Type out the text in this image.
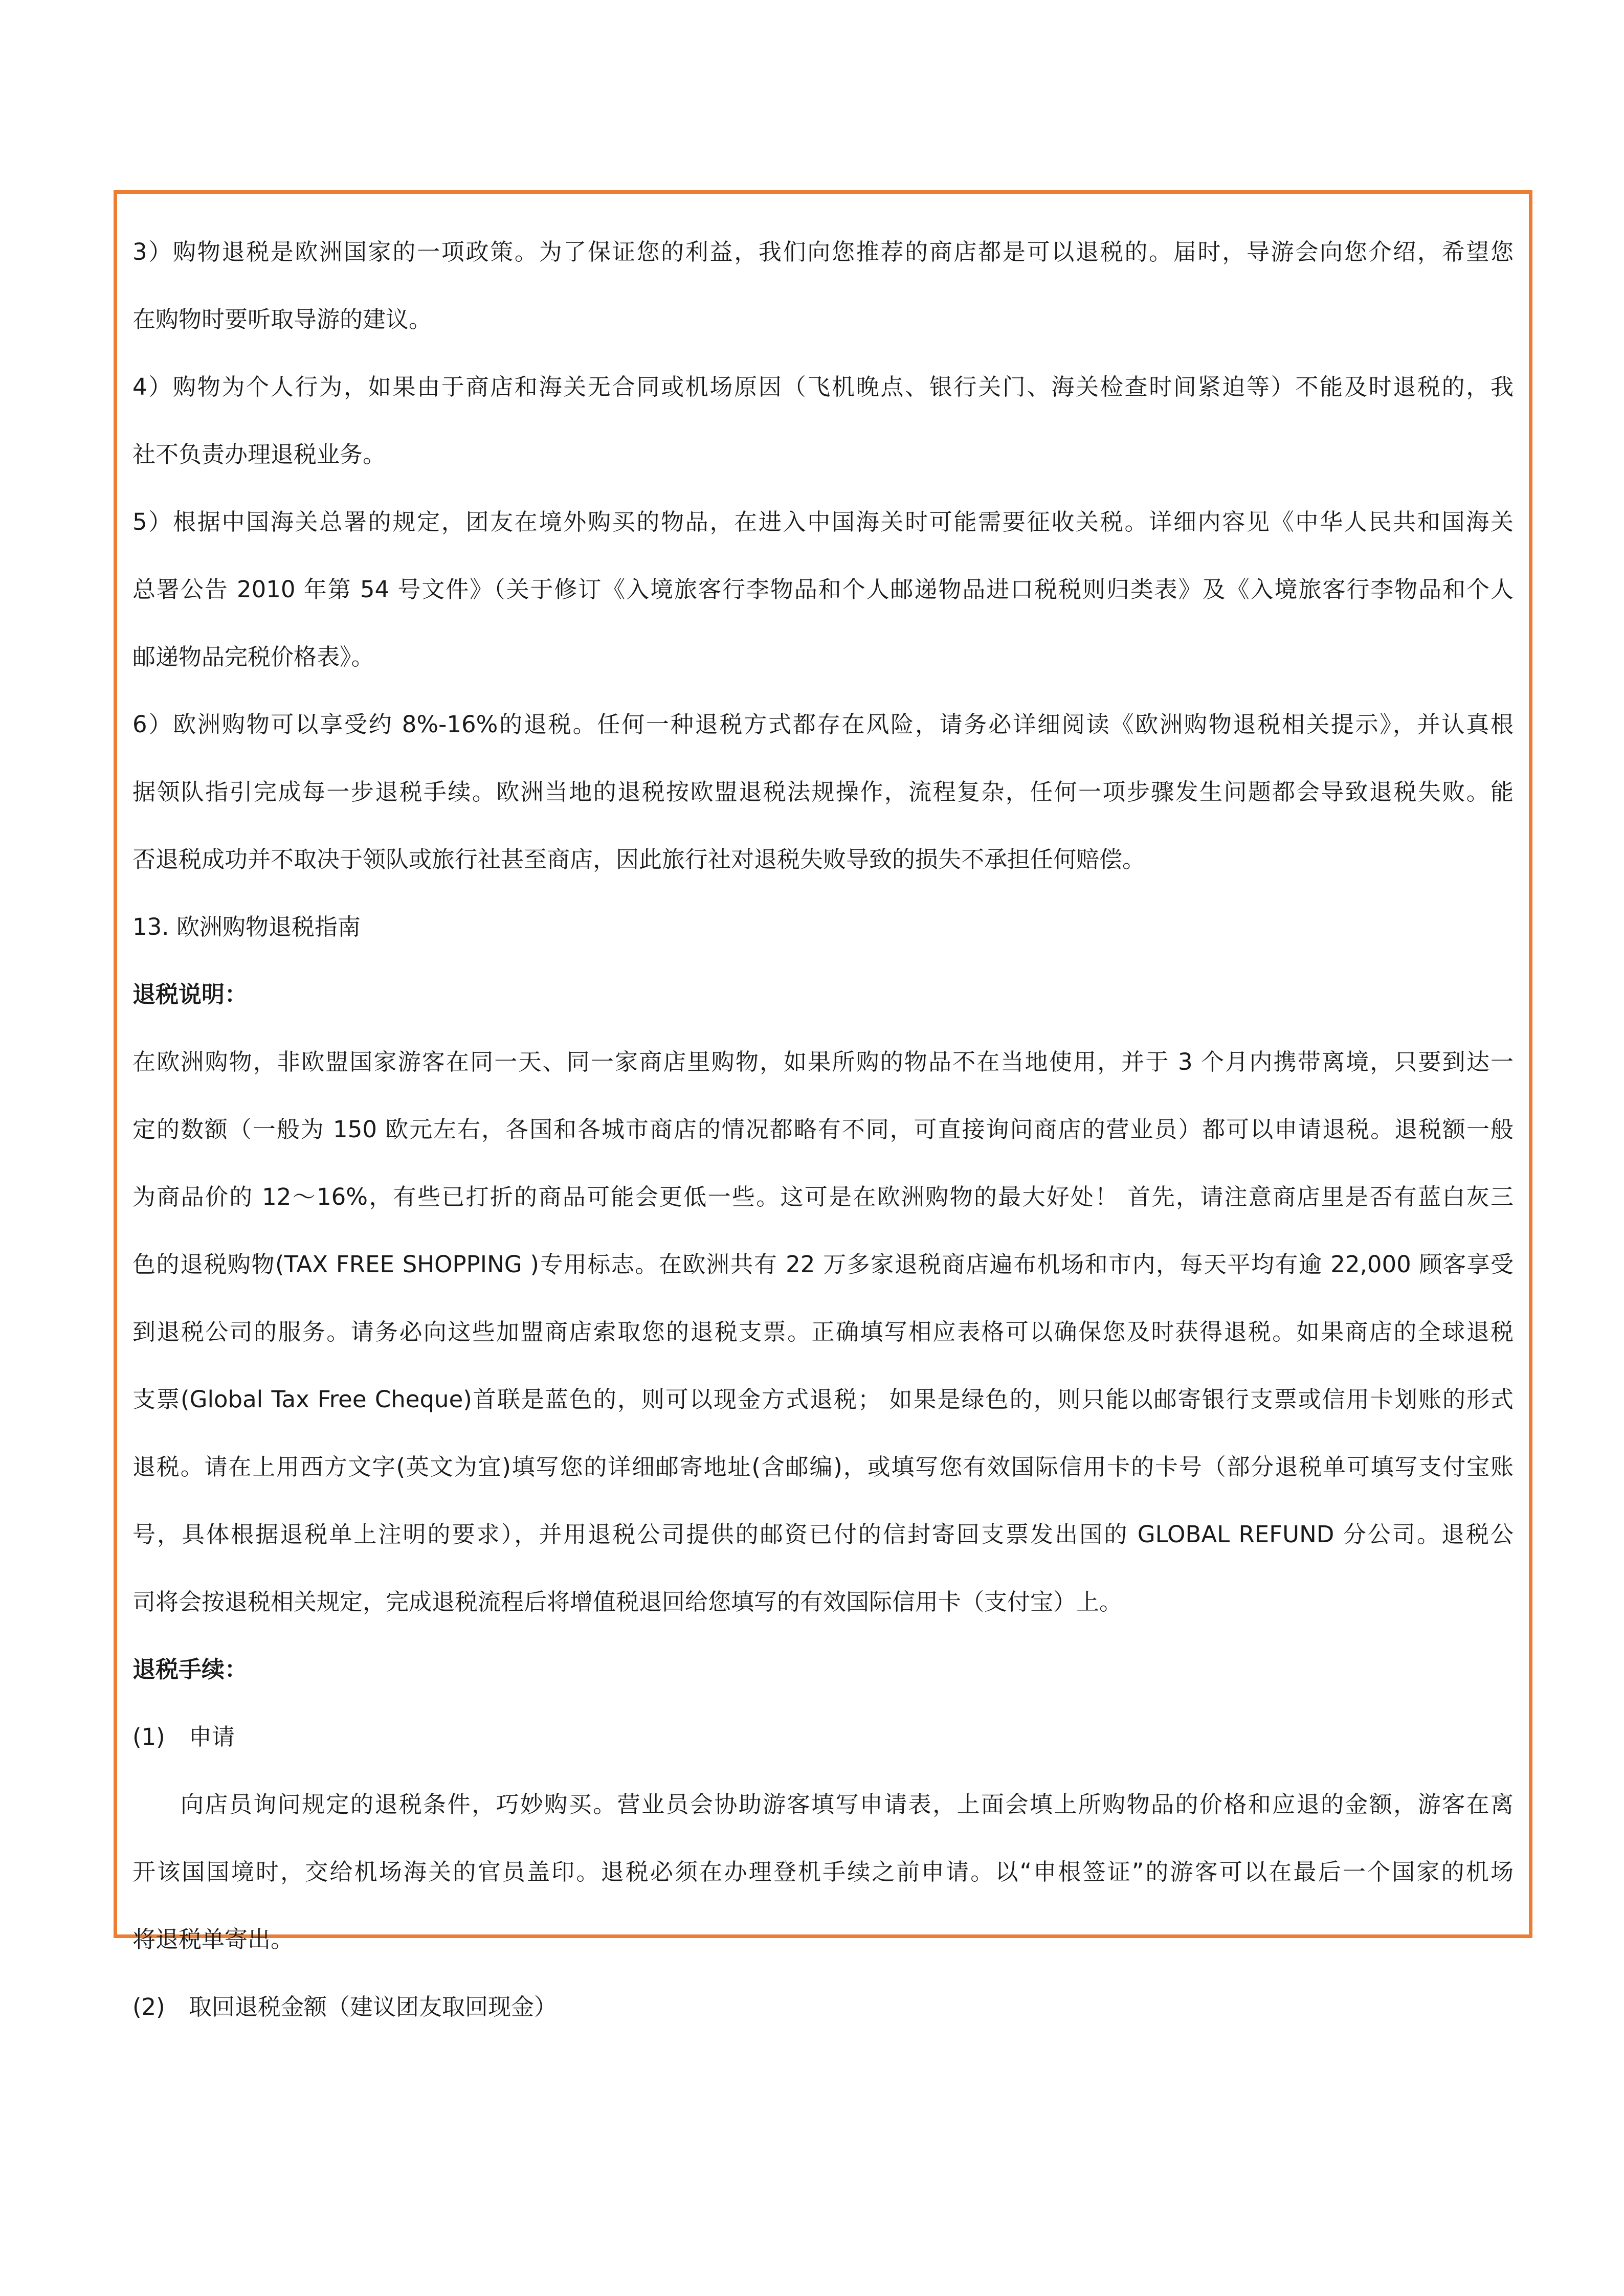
3）购物退税是欧洲国家的一项政策。为了保证您的利益，我们向您推荐的商店都是可以退税的。届时，导游会向您介绍，希望您
在购物时要听取导游的建议。
4）购物为个人行为，如果由于商店和海关无合同或机场原因（飞机晚点、银行关门、海关检查时间紧迫等）不能及时退税的，我
社不负责办理退税业务。
5）根据中国海关总署的规定，团友在境外购买的物品，在进入中国海关时可能需要征收关税。详细内容见《中华人民共和国海关
总署公告 2010 年第 54 号文件》（关于修订《入境旅客行李物品和个人邮递物品进口税税则归类表》及《入境旅客行李物品和个人
邮递物品完税价格表》。
6）欧洲购物可以享受约 8%-16%的退税。任何一种退税方式都存在风险，请务必详细阅读《欧洲购物退税相关提示》，并认真根
据领队指引完成每一步退税手续。欧洲当地的退税按欧盟退税法规操作，流程复杂，任何一项步骤发生问题都会导致退税失败。能
否退税成功并不取决于领队或旅行社甚至商店，因此旅行社对退税失败导致的损失不承担任何赔偿。
13. 欧洲购物退税指南
退税说明：
在欧洲购物，非欧盟国家游客在同一天、同一家商店里购物，如果所购的物品不在当地使用，并于 3 个月内携带离境，只要到达一
定的数额（一般为 150 欧元左右，各国和各城市商店的情况都略有不同，可直接询问商店的营业员）都可以申请退税。退税额一般
为商品价的 12～16%，有些已打折的商品可能会更低一些。这可是在欧洲购物的最大好处！ 首先，请注意商店里是否有蓝白灰三
色的退税购物(TAX FREE SHOPPING )专用标志。在欧洲共有 22 万多家退税商店遍布机场和市内，每天平均有逾 22,000 顾客享受
到退税公司的服务。请务必向这些加盟商店索取您的退税支票。正确填写相应表格可以确保您及时获得退税。如果商店的全球退税
支票(Global Tax Free Cheque)首联是蓝色的，则可以现金方式退税； 如果是绿色的，则只能以邮寄银行支票或信用卡划账的形式
退税。请在上用西方文字(英文为宜)填写您的详细邮寄地址(含邮编)，或填写您有效国际信用卡的卡号（部分退税单可填写支付宝账
号，具体根据退税单上注明的要求），并用退税公司提供的邮资已付的信封寄回支票发出国的 GLOBAL REFUND 分公司。退税公
司将会按退税相关规定，完成退税流程后将增值税退回给您填写的有效国际信用卡（支付宝）上。
退税手续：
(1) 申请
向店员询问规定的退税条件，巧妙购买。营业员会协助游客填写申请表，上面会填上所购物品的价格和应退的金额，游客在离
开该国国境时，交给机场海关的官员盖印。退税必须在办理登机手续之前申请。以“申根签证”的游客可以在最后一个国家的机场
将退税单寄出。
(2) 取回退税金额（建议团友取回现金）
